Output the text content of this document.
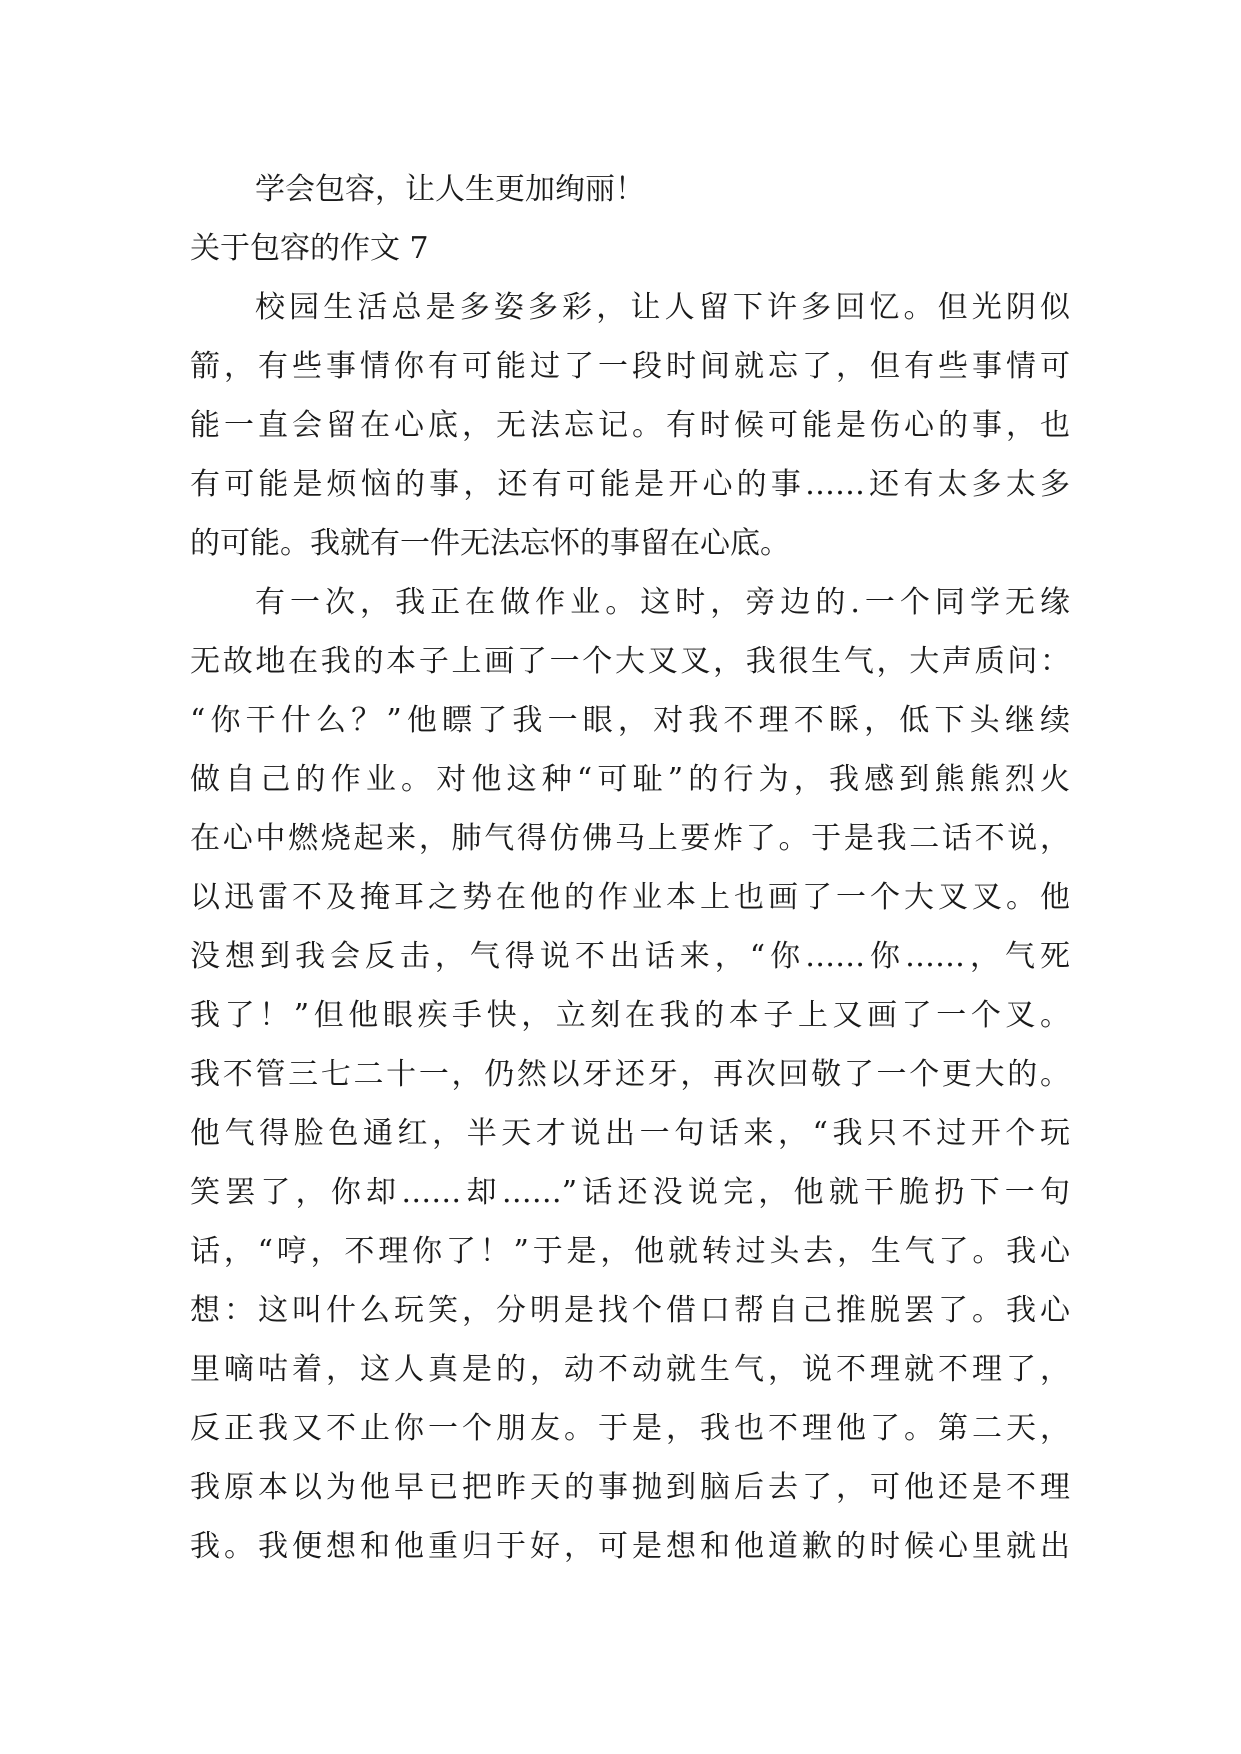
学会包容，让人生更加绚丽！
关于包容的作文 7
校园生活总是多姿多彩，让人留下许多回忆。但光阴似
箭，有些事情你有可能过了一段时间就忘了，但有些事情可
能一直会留在心底，无法忘记。有时候可能是伤心的事，也
有可能是烦恼的事，还有可能是开心的事……还有太多太多
的可能。我就有一件无法忘怀的事留在心底。
有一次，我正在做作业。这时，旁边的.一个同学无缘
无故地在我的本子上画了一个大叉叉，我很生气，大声质问：
“你干什么？”他瞟了我一眼，对我不理不睬，低下头继续
做自己的作业。对他这种“可耻”的行为，我感到熊熊烈火
在心中燃烧起来，肺气得仿佛马上要炸了。于是我二话不说，
以迅雷不及掩耳之势在他的作业本上也画了一个大叉叉。他
没想到我会反击，气得说不出话来，“你……你……，气死
我了！”但他眼疾手快，立刻在我的本子上又画了一个叉。
我不管三七二十一，仍然以牙还牙，再次回敬了一个更大的。
他气得脸色通红，半天才说出一句话来，“我只不过开个玩
笑罢了，你却……却……”话还没说完，他就干脆扔下一句
话，“哼，不理你了！”于是，他就转过头去，生气了。我心
想：这叫什么玩笑，分明是找个借口帮自己推脱罢了。我心
里嘀咕着，这人真是的，动不动就生气，说不理就不理了，
反正我又不止你一个朋友。于是，我也不理他了。第二天，
我原本以为他早已把昨天的事抛到脑后去了，可他还是不理
我。我便想和他重归于好，可是想和他道歉的时候心里就出
